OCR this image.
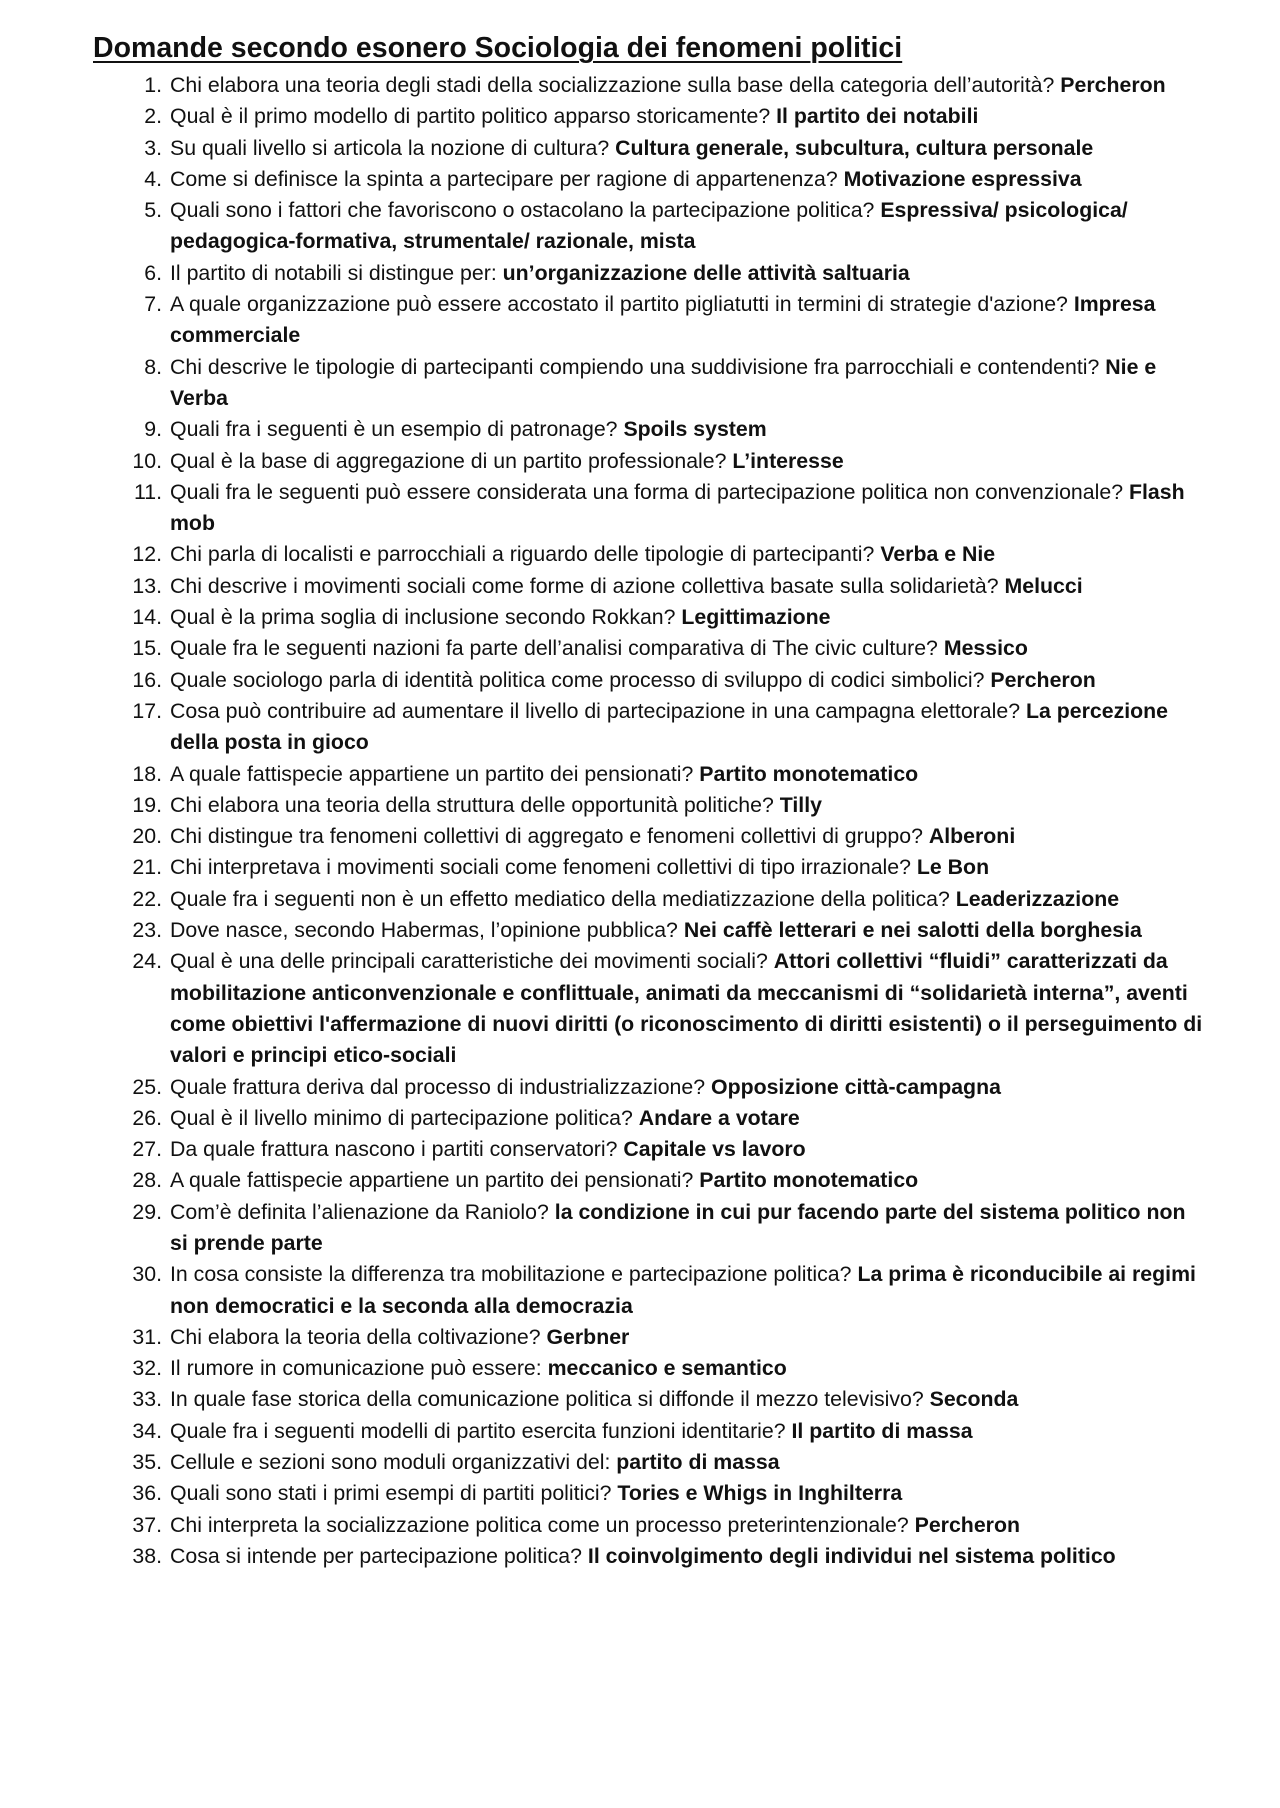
Domande secondo esonero Sociologia dei fenomeni politici
1 . Chi elabora una teoria degli stadi della socializzazione sulla base della categoria dell’autorità? Percheron
2 . Qual è il primo modello di partito politico apparso storicamente? Il partito dei notabili
3 . Su quali livello si articola la nozione di cultura? Cultura generale, subcultura, cultura personale
4 . Come si definisce la spinta a partecipare per ragione di appartenenza? Motivazione espressiva
5 . Quali sono i fattori che favoriscono o ostacolano la partecipazione politica? Espressiva/ psicologica/ pedagogica-formativa, strumentale/ razionale, mista
6 . Il partito di notabili si distingue per: un’organizzazione delle attività saltuaria
7 . A quale organizzazione può essere accostato il partito pigliatutti in termini di strategie d'azione? Impresa commerciale
8 . Chi descrive le tipologie di partecipanti compiendo una suddivisione fra parrocchiali e contendenti? Nie e Verba
9 . Quali fra i seguenti è un esempio di patronage? Spoils system
10 . Qual è la base di aggregazione di un partito professionale? L’interesse
11 . Quali fra le seguenti può essere considerata una forma di partecipazione politica non convenzionale? Flash mob
12 . Chi parla di localisti e parrocchiali a riguardo delle tipologie di partecipanti? Verba e Nie
13 . Chi descrive i movimenti sociali come forme di azione collettiva basate sulla solidarietà? Melucci
14 . Qual è la prima soglia di inclusione secondo Rokkan? Legittimazione
15 . Quale fra le seguenti nazioni fa parte dell’analisi comparativa di The civic culture? Messico
16 . Quale sociologo parla di identità politica come processo di sviluppo di codici simbolici? Percheron
17 . Cosa può contribuire ad aumentare il livello di partecipazione in una campagna elettorale? La percezione della posta in gioco
18 . A quale fattispecie appartiene un partito dei pensionati? Partito monotematico
19 . Chi elabora una teoria della struttura delle opportunità politiche? Tilly
20 . Chi distingue tra fenomeni collettivi di aggregato e fenomeni collettivi di gruppo? Alberoni
21 . Chi interpretava i movimenti sociali come fenomeni collettivi di tipo irrazionale? Le Bon
22 . Quale fra i seguenti non è un effetto mediatico della mediatizzazione della politica? Leaderizzazione
23 . Dove nasce, secondo Habermas, l’opinione pubblica? Nei caffè letterari e nei salotti della borghesia
24 . Qual è una delle principali caratteristiche dei movimenti sociali? Attori collettivi “fluidi” caratterizzati da mobilitazione anticonvenzionale e conflittuale, animati da meccanismi di “solidarietà interna”, aventi come obiettivi l'affermazione di nuovi diritti (o riconoscimento di diritti esistenti) o il perseguimento di valori e principi etico-sociali
25 . Quale frattura deriva dal processo di industrializzazione? Opposizione città-campagna
26 . Qual è il livello minimo di partecipazione politica? Andare a votare
27 . Da quale frattura nascono i partiti conservatori? Capitale vs lavoro
28 . A quale fattispecie appartiene un partito dei pensionati? Partito monotematico
29 . Com’è definita l’alienazione da Raniolo? la condizione in cui pur facendo parte del sistema politico non si prende parte
30 . In cosa consiste la differenza tra mobilitazione e partecipazione politica? La prima è riconducibile ai regimi non democratici e la seconda alla democrazia
31 . Chi elabora la teoria della coltivazione? Gerbner
32 . Il rumore in comunicazione può essere: meccanico e semantico
33 . In quale fase storica della comunicazione politica si diffonde il mezzo televisivo? Seconda
34 . Quale fra i seguenti modelli di partito esercita funzioni identitarie? Il partito di massa
35 . Cellule e sezioni sono moduli organizzativi del: partito di massa
36 . Quali sono stati i primi esempi di partiti politici? Tories e Whigs in Inghilterra
37 . Chi interpreta la socializzazione politica come un processo preterintenzionale? Percheron
38 . Cosa si intende per partecipazione politica? Il coinvolgimento degli individui nel sistema politico
